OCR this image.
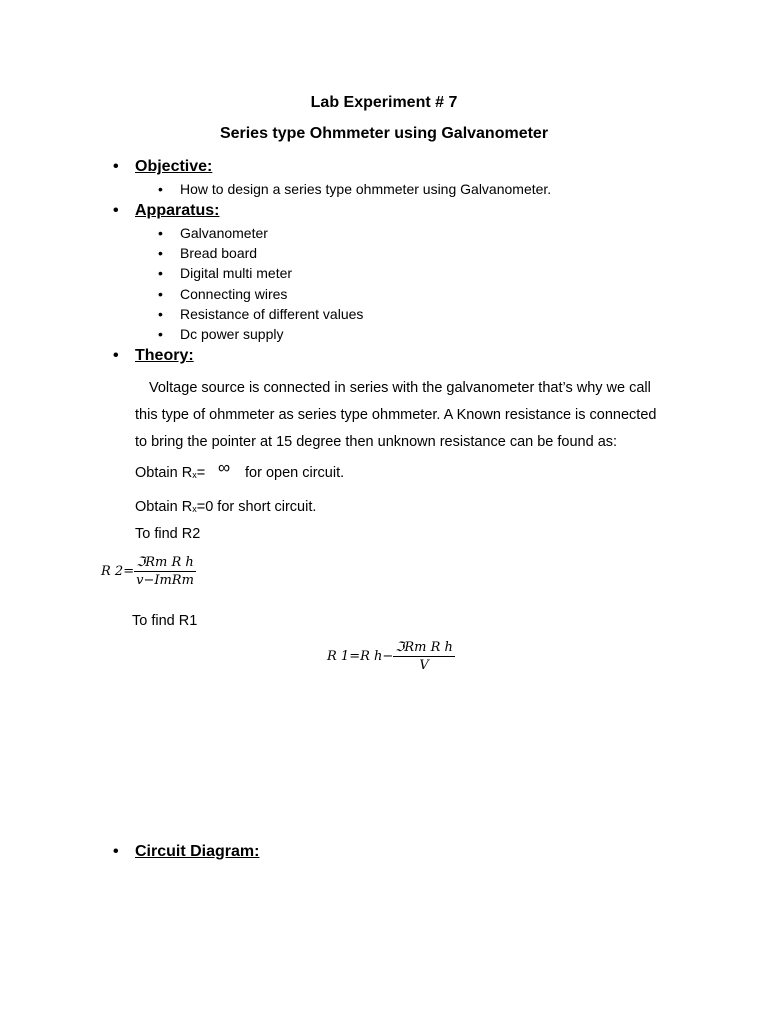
Lab Experiment # 7
Series type Ohmmeter using Galvanometer
• Objective:
• How to design a series type ohmmeter using Galvanometer.
• Apparatus:
• Galvanometer
• Bread board
• Digital multi meter
• Connecting wires
• Resistance of different values
• Dc power supply
• Theory:
Voltage source is connected in series with the galvanometer that’s why we call
this type of ohmmeter as series type ohmmeter. A Known resistance is connected
to bring the pointer at 15 degree then unknown resistance can be found as:
Obtain Rx= ∞ for open circuit.
Obtain Rx=0 for short circuit.
To find R2
R $2= \frac{\text{ℑRm R h}}{\text{v−ImRm}}$
To find R1
R 1=R $h- \frac{\text{ℑRm R h}}{V}$
• Circuit Diagram:
